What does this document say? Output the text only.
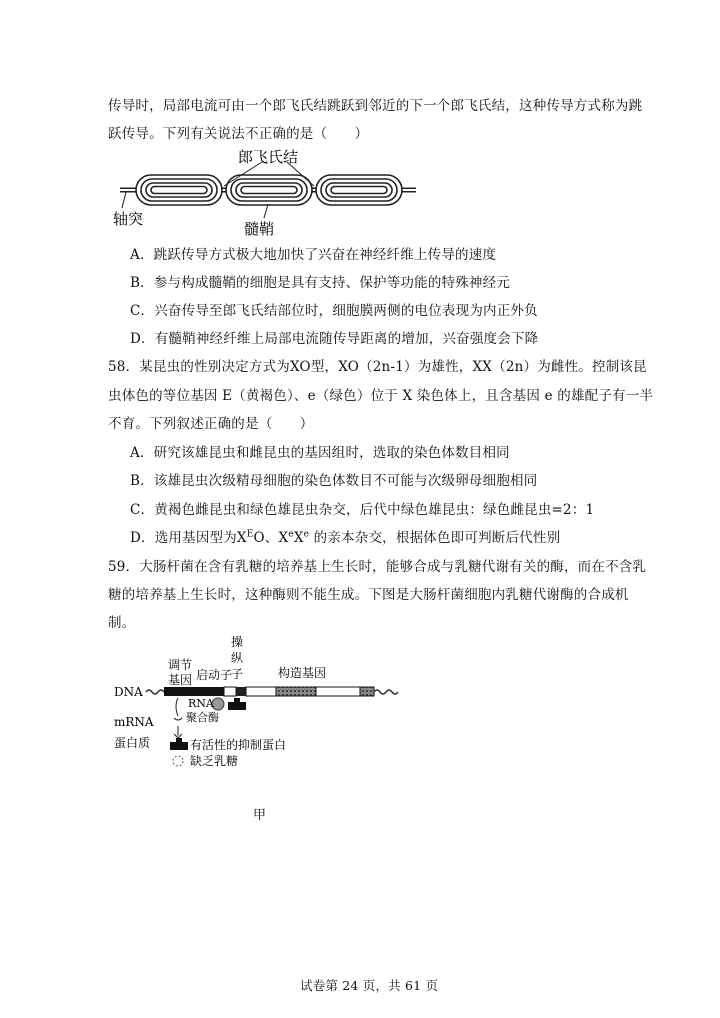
传导时，局部电流可由一个郎飞氏结跳跃到邻近的下一个郎飞氏结，这种传导方式称为跳
跃传导。下列有关说法不正确的是（　　）
郎飞氏结
轴突
髓鞘
A．跳跃传导方式极大地加快了兴奋在神经纤维上传导的速度
B．参与构成髓鞘的细胞是具有支持、保护等功能的特殊神经元
C．兴奋传导至郎飞氏结部位时，细胞膜两侧的电位表现为内正外负
D．有髓鞘神经纤维上局部电流随传导距离的增加，兴奋强度会下降
58．某昆虫的性别决定方式为XO型，XO（2n-1）为雄性，XX（2n）为雌性。控制该昆
虫体色的等位基因 E（黄褐色）、e（绿色）位于 X 染色体上，且含基因 e 的雄配子有一半
不育。下列叙述正确的是（　　）
A．研究该雄昆虫和雌昆虫的基因组时，选取的染色体数目相同
B．该雄昆虫次级精母细胞的染色体数目不可能与次级卵母细胞相同
C．黄褐色雌昆虫和绿色雄昆虫杂交，后代中绿色雄昆虫：绿色雌昆虫=2：1
D．选用基因型为$X^EO$、XeXe 的亲本杂交，根据体色即可判断后代性别
59．大肠杆菌在含有乳糖的培养基上生长时，能够合成与乳糖代谢有关的酶，而在不含乳
糖的培养基上生长时，这种酶则不能生成。下图是大肠杆菌细胞内乳糖代谢酶的合成机
制。
调节
基因 启动子
操
纵
子	构造基因
DNA
RNA
聚合酶
mRNA
蛋白质	有活性的抑制蛋白
缺乏乳糖
甲
试卷第 24 页，共 61 页
